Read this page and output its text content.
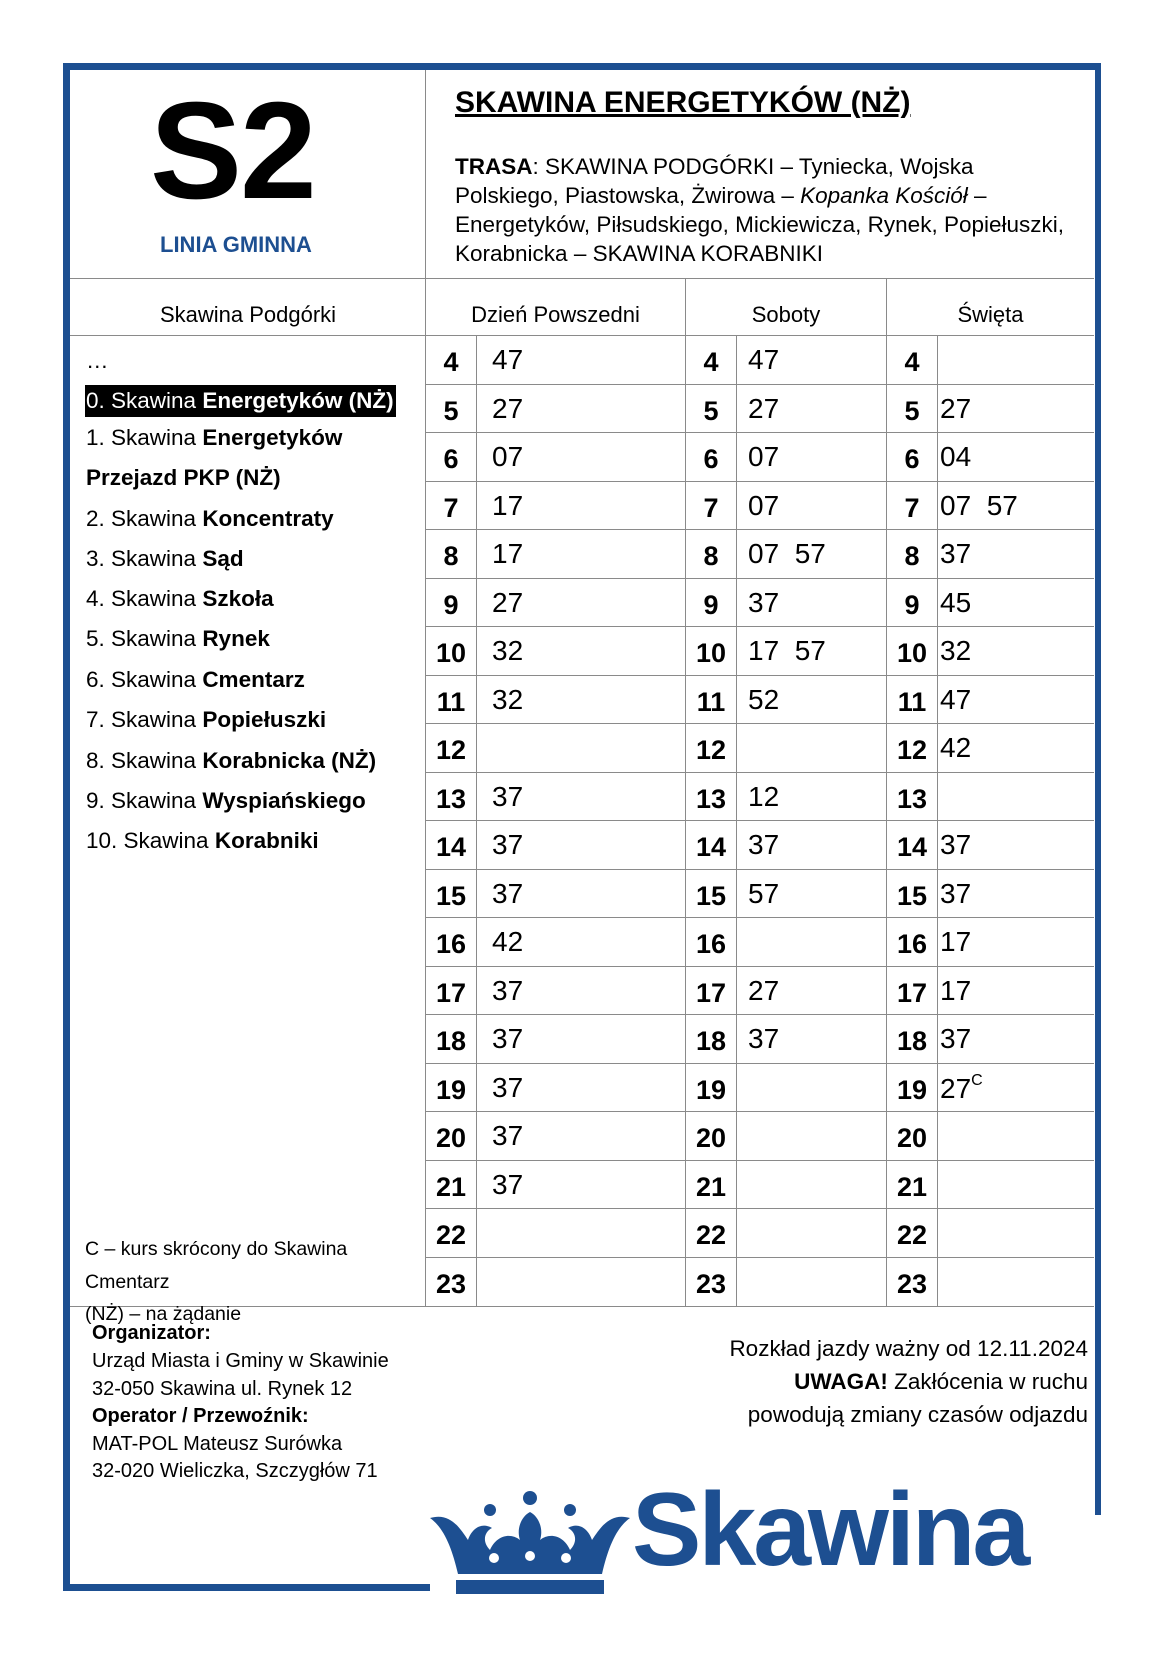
S2
LINIA GMINNA
SKAWINA ENERGETYKÓW (NŻ)
TRASA: SKAWINA PODGÓRKI – Tyniecka, Wojska Polskiego, Piastowska, Żwirowa – Kopanka Kościół – Energetyków, Piłsudskiego, Mickiewicza, Rynek, Popiełuszki, Korabnicka – SKAWINA KORABNIKI
Skawina Podgórki	Dzień Powszedni	Soboty	Święta
…
0. Skawina Energetyków (NŻ)
1. Skawina Energetyków
Przejazd PKP (NŻ)
2. Skawina Koncentraty
3. Skawina Sąd
4. Skawina Szkoła
5. Skawina Rynek
6. Skawina Cmentarz
7. Skawina Popiełuszki
8. Skawina Korabnicka (NŻ)
9. Skawina Wyspiańskiego
10. Skawina Korabniki
4	47	4	47	4
5	27	5	27	5 27
6	07	6	07	6 04
7	17	7	07	7 07  57
8	17	8	07  57	8 37
9	27	9	37	9 45
10 32	10 17  57	10 32
11 32	11 52	11 47
12	12	12 42
13 37	13 12	13
14 37	14 37	14 37
15 37	15 57	15 37
16 42	16	16 17
17 37	17 27	17 17
18 37	18 37	18 37
19 37	19	19 $27^C$
20 37	20	20
21 37	21	21
22	22	22
23	23	23
C – kurs skrócony do Skawina
Cmentarz
(NŻ) – na żądanie
Organizator:
Urząd Miasta i Gminy w Skawinie
32-050 Skawina ul. Rynek 12
Operator / Przewoźnik:
MAT-POL Mateusz Surówka
32-020 Wieliczka, Szczygłów 71
Rozkład jazdy ważny od 12.11.2024
UWAGA! Zakłócenia w ruchu
powodują zmiany czasów odjazdu
Skawina
